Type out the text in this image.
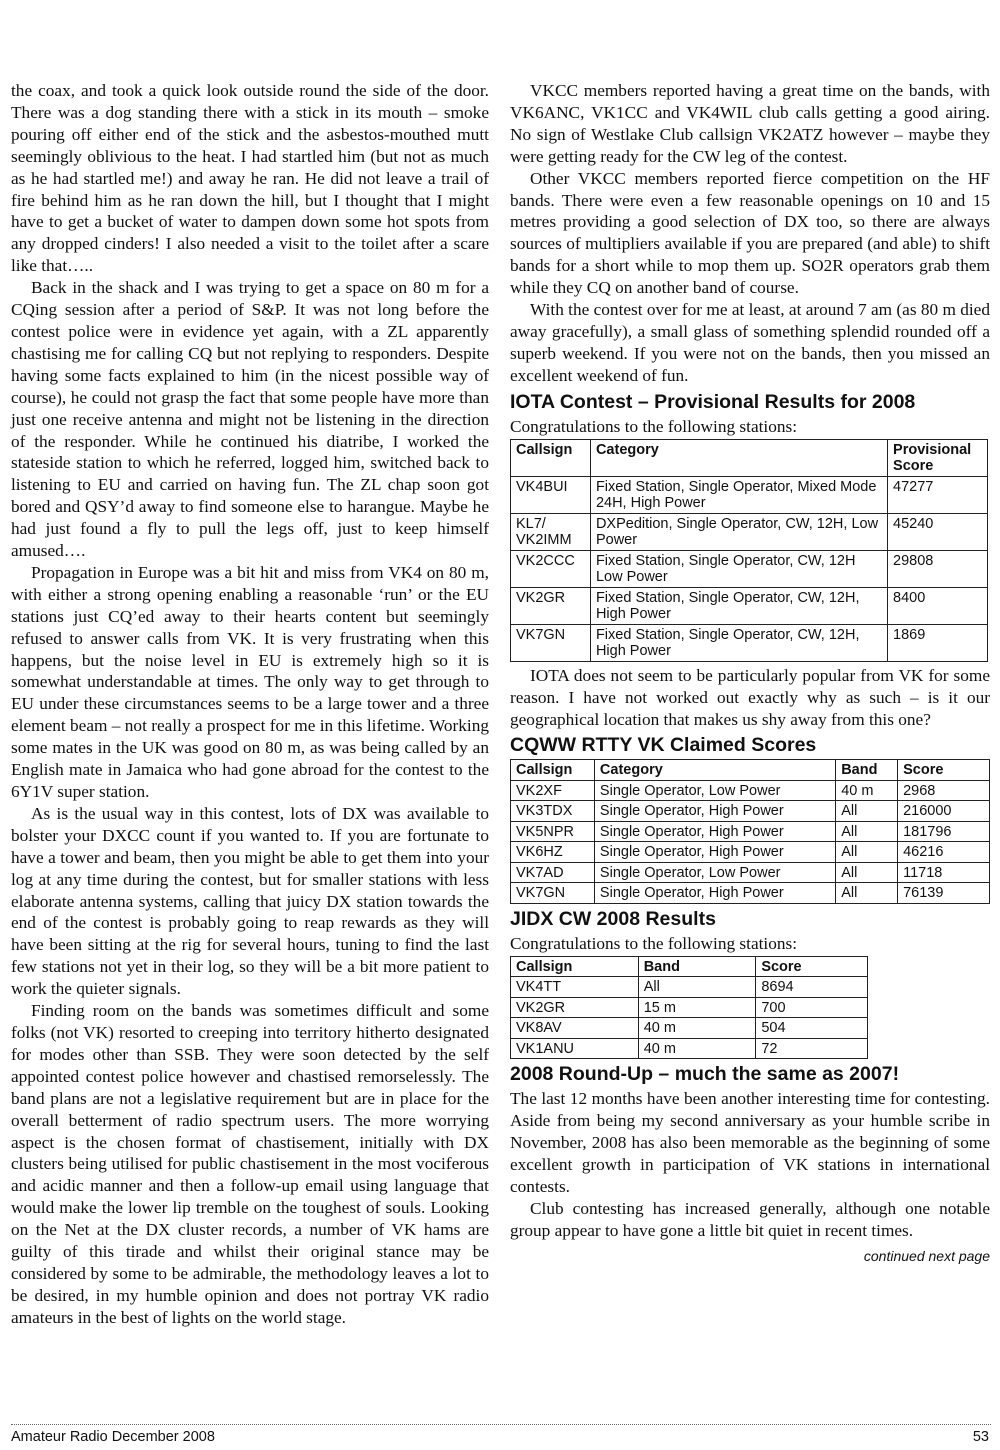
the coax, and took a quick look outside round the side of the door. There was a dog standing there with a stick in its mouth – smoke pouring off either end of the stick and the asbestos-mouthed mutt seemingly oblivious to the heat. I had startled him (but not as much as he had startled me!) and away he ran. He did not leave a trail of fire behind him as he ran down the hill, but I thought that I might have to get a bucket of water to dampen down some hot spots from any dropped cinders! I also needed a visit to the toilet after a scare like that…..

Back in the shack and I was trying to get a space on 80 m for a CQing session after a period of S&P. It was not long before the contest police were in evidence yet again, with a ZL apparently chastising me for calling CQ but not replying to responders. Despite having some facts explained to him (in the nicest possible way of course), he could not grasp the fact that some people have more than just one receive antenna and might not be listening in the direction of the responder. While he continued his diatribe, I worked the stateside station to which he referred, logged him, switched back to listening to EU and carried on having fun. The ZL chap soon got bored and QSY’d away to find someone else to harangue. Maybe he had just found a fly to pull the legs off, just to keep himself amused….

Propagation in Europe was a bit hit and miss from VK4 on 80 m, with either a strong opening enabling a reasonable ‘run’ or the EU stations just CQ’ed away to their hearts content but seemingly refused to answer calls from VK. It is very frustrating when this happens, but the noise level in EU is extremely high so it is somewhat understandable at times. The only way to get through to EU under these circumstances seems to be a large tower and a three element beam – not really a prospect for me in this lifetime. Working some mates in the UK was good on 80 m, as was being called by an English mate in Jamaica who had gone abroad for the contest to the 6Y1V super station.

As is the usual way in this contest, lots of DX was available to bolster your DXCC count if you wanted to. If you are fortunate to have a tower and beam, then you might be able to get them into your log at any time during the contest, but for smaller stations with less elaborate antenna systems, calling that juicy DX station towards the end of the contest is probably going to reap rewards as they will have been sitting at the rig for several hours, tuning to find the last few stations not yet in their log, so they will be a bit more patient to work the quieter signals.

Finding room on the bands was sometimes difficult and some folks (not VK) resorted to creeping into territory hitherto designated for modes other than SSB. They were soon detected by the self appointed contest police however and chastised remorselessly. The band plans are not a legislative requirement but are in place for the overall betterment of radio spectrum users. The more worrying aspect is the chosen format of chastisement, initially with DX clusters being utilised for public chastisement in the most vociferous and acidic manner and then a follow-up email using language that would make the lower lip tremble on the toughest of souls. Looking on the Net at the DX cluster records, a number of VK hams are guilty of this tirade and whilst their original stance may be considered by some to be admirable, the methodology leaves a lot to be desired, in my humble opinion and does not portray VK radio amateurs in the best of lights on the world stage.

VKCC members reported having a great time on the bands, with VK6ANC, VK1CC and VK4WIL club calls getting a good airing. No sign of Westlake Club callsign VK2ATZ however – maybe they were getting ready for the CW leg of the contest.

Other VKCC members reported fierce competition on the HF bands. There were even a few reasonable openings on 10 and 15 metres providing a good selection of DX too, so there are always sources of multipliers available if you are prepared (and able) to shift bands for a short while to mop them up. SO2R operators grab them while they CQ on another band of course.

With the contest over for me at least, at around 7 am (as 80 m died away gracefully), a small glass of something splendid rounded off a superb weekend. If you were not on the bands, then you missed an excellent weekend of fun.

IOTA Contest – Provisional Results for 2008

Congratulations to the following stations:

Callsign	Category	Provisional Score
VK4BUI	Fixed Station, Single Operator, Mixed Mode 24H, High Power	47277
KL7/ VK2IMM	DXPedition, Single Operator, CW, 12H, Low Power	45240
VK2CCC	Fixed Station, Single Operator, CW, 12H Low Power	29808
VK2GR	Fixed Station, Single Operator, CW, 12H, High Power	8400
VK7GN	Fixed Station, Single Operator, CW, 12H, High Power	1869

IOTA does not seem to be particularly popular from VK for some reason. I have not worked out exactly why as such – is it our geographical location that makes us shy away from this one?

CQWW RTTY VK Claimed Scores
Callsign	Category	Band	Score
VK2XF	Single Operator, Low Power	40 m	2968
VK3TDX	Single Operator, High Power	All	216000
VK5NPR	Single Operator, High Power	All	181796
VK6HZ	Single Operator, High Power	All	46216
VK7AD	Single Operator, Low Power	All	11718
VK7GN	Single Operator, High Power	All	76139
JIDX CW 2008 Results

Congratulations to the following stations:

Callsign	Band	Score
VK4TT	All	8694
VK2GR	15 m	700
VK8AV	40 m	504
VK1ANU	40 m	72
2008 Round-Up – much the same as 2007!

The last 12 months have been another interesting time for contesting. Aside from being my second anniversary as your humble scribe in November, 2008 has also been memorable as the beginning of some excellent growth in participation of VK stations in international contests.

Club contesting has increased generally, although one notable group appear to have gone a little bit quiet in recent times.

continued next page
Amateur Radio December 2008	53
